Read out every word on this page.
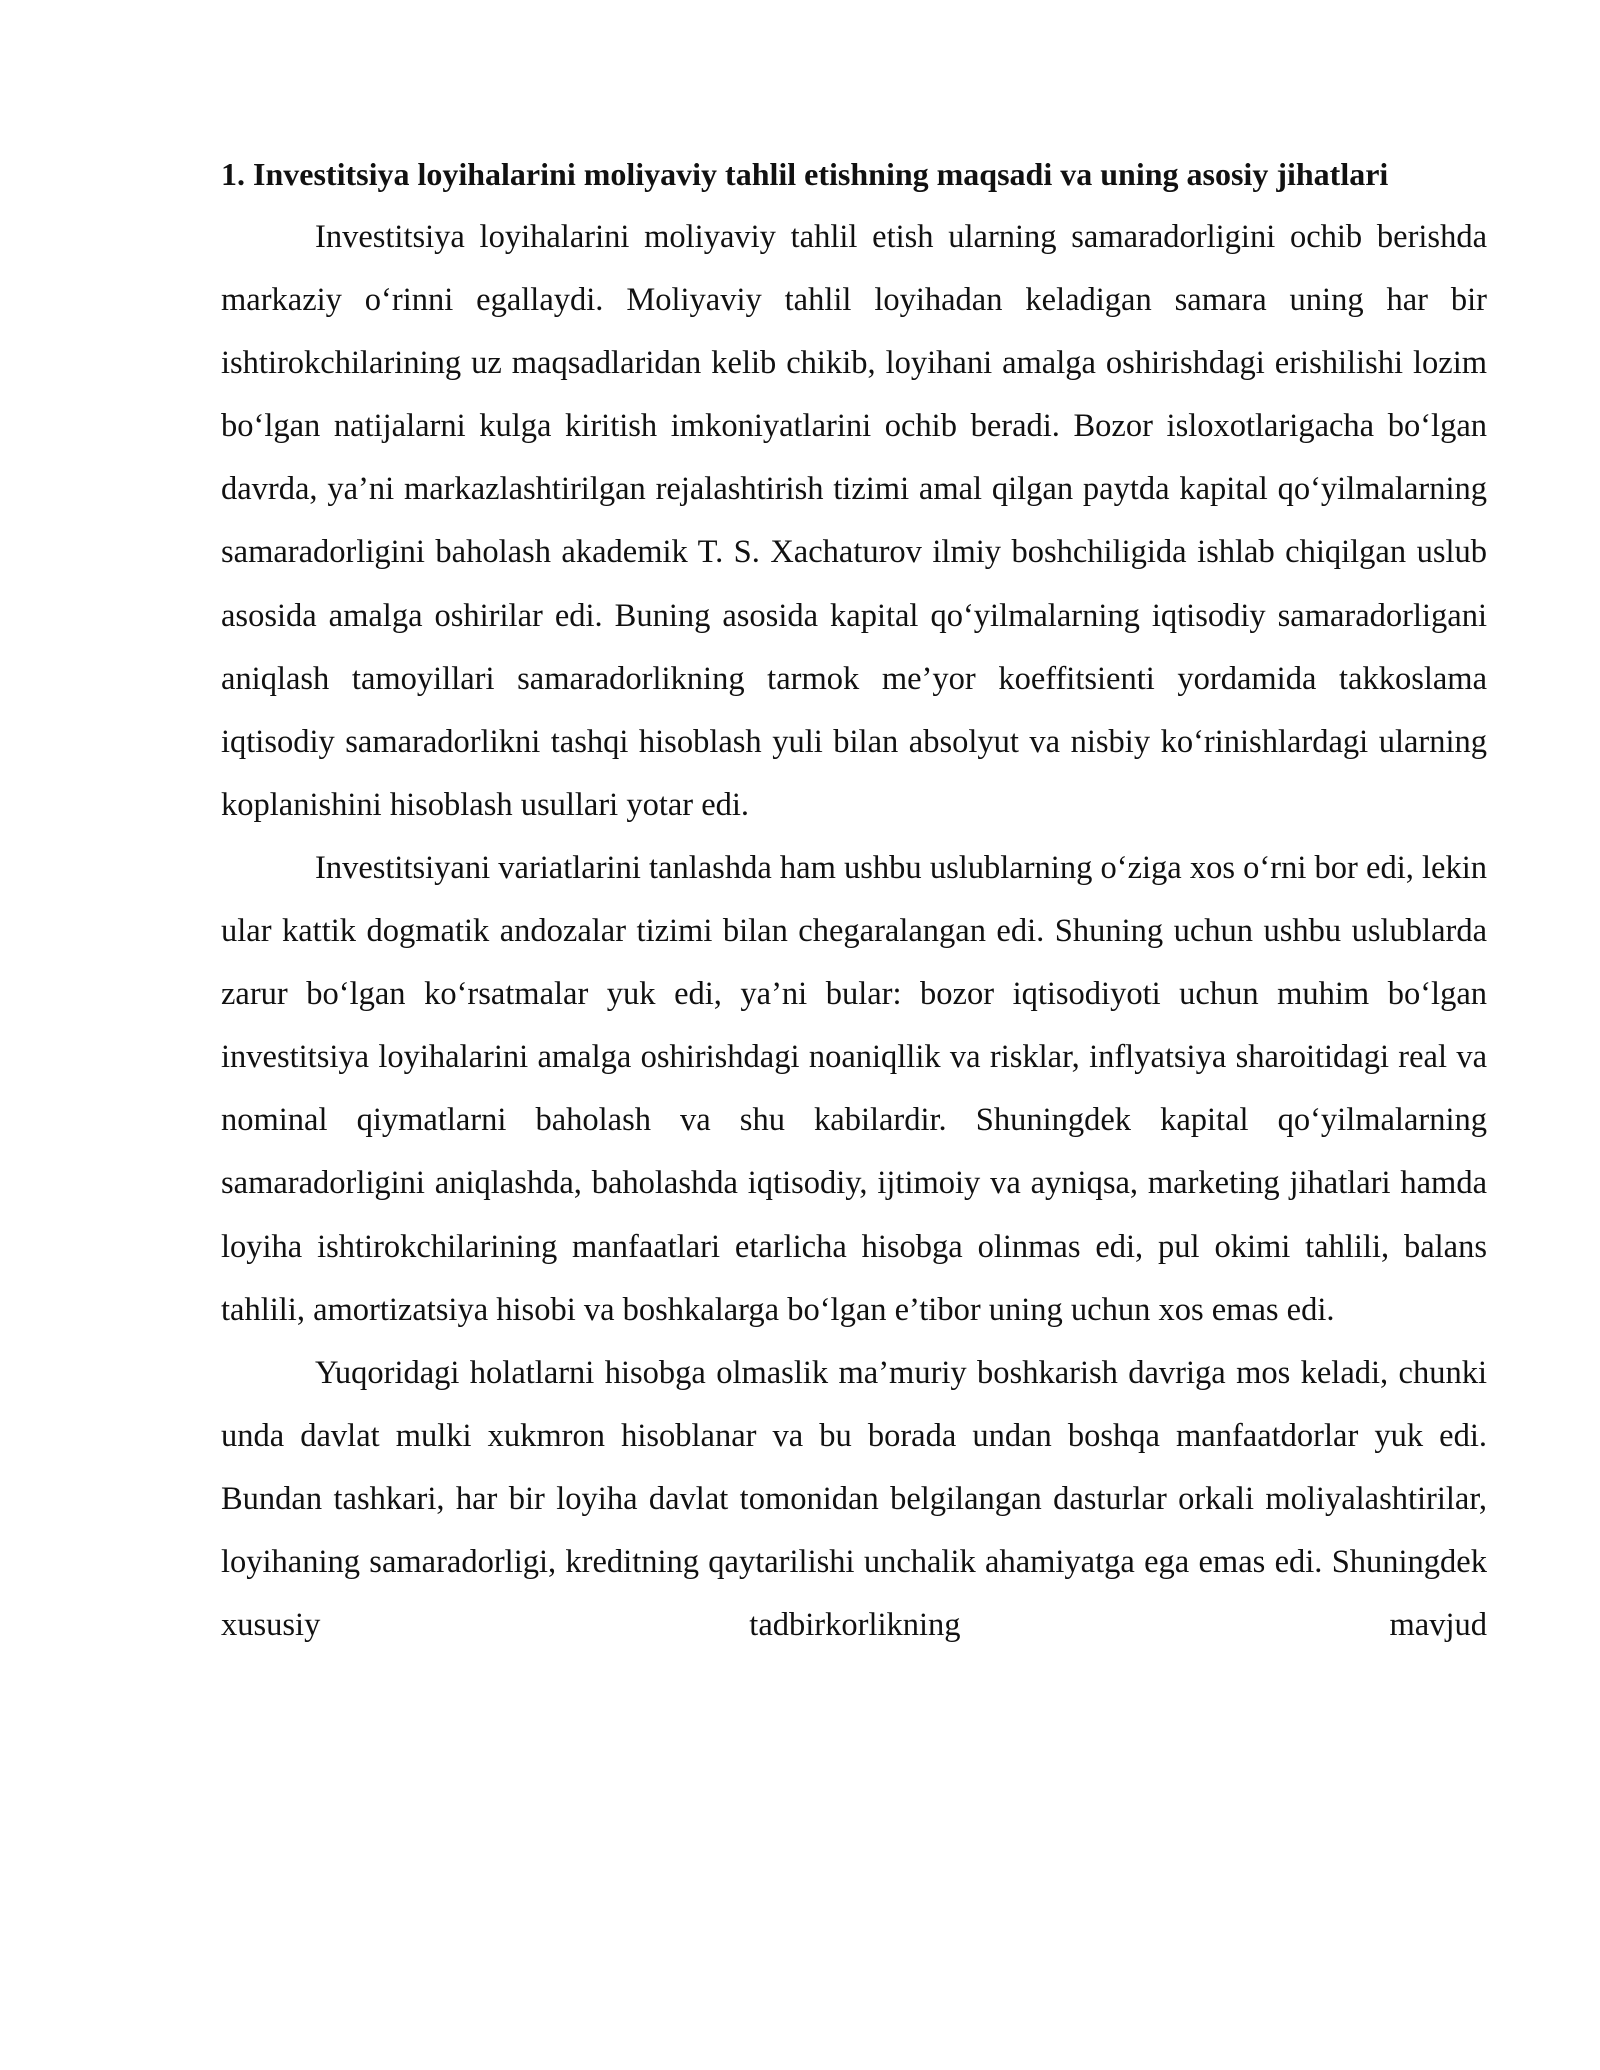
1. Investitsiya loyihalarini moliyaviy tahlil etishning maqsadi va uning asosiy jihatlari

Investitsiya loyihalarini moliyaviy tahlil etish ularning samaradorligini ochib berishda markaziy o‘rinni egallaydi. Moliyaviy tahlil loyihadan keladigan samara uning har bir ishtirokchilarining uz maqsadlaridan kelib chikib, loyihani amalga oshirishdagi erishilishi lozim bo‘lgan natijalarni kulga kiritish imkoniyatlarini ochib beradi. Bozor isloxotlarigacha bo‘lgan davrda, ya’ni markazlashtirilgan rejalashtirish tizimi amal qilgan paytda kapital qo‘yilmalarning samaradorligini baholash akademik T. S. Xachaturov ilmiy boshchiligida ishlab chiqilgan uslub asosida amalga oshirilar edi. Buning asosida kapital qo‘yilmalarning iqtisodiy samaradorligani aniqlash tamoyillari samaradorlikning tarmok me’yor koeffitsienti yordamida takkoslama iqtisodiy samaradorlikni tashqi hisoblash yuli bilan absolyut va nisbiy ko‘rinishlardagi ularning koplanishini hisoblash usullari yotar edi.

Investitsiyani variatlarini tanlashda ham ushbu uslublarning o‘ziga xos o‘rni bor edi, lekin ular kattik dogmatik andozalar tizimi bilan chegaralangan edi. Shuning uchun ushbu uslublarda zarur bo‘lgan ko‘rsatmalar yuk edi, ya’ni bular: bozor iqtisodiyoti uchun muhim bo‘lgan investitsiya loyihalarini amalga oshirishdagi noaniqllik va risklar, inflyatsiya sharoitidagi real va nominal qiymatlarni baholash va shu kabilardir. Shuningdek kapital qo‘yilmalarning samaradorligini aniqlashda, baholashda iqtisodiy, ijtimoiy va ayniqsa, marketing jihatlari hamda loyiha ishtirokchilarining manfaatlari etarlicha hisobga olinmas edi, pul okimi tahlili, balans tahlili, amortizatsiya hisobi va boshkalarga bo‘lgan e’tibor uning uchun xos emas edi.

Yuqoridagi holatlarni hisobga olmaslik ma’muriy boshkarish davriga mos keladi, chunki unda davlat mulki xukmron hisoblanar va bu borada undan boshqa manfaatdorlar yuk edi. Bundan tashkari, har bir loyiha davlat tomonidan belgilangan dasturlar orkali moliyalashtirilar, loyihaning samaradorligi, kreditning qaytarilishi unchalik ahamiyatga ega emas edi. Shuningdek xususiy tadbirkorlikning mavjud
